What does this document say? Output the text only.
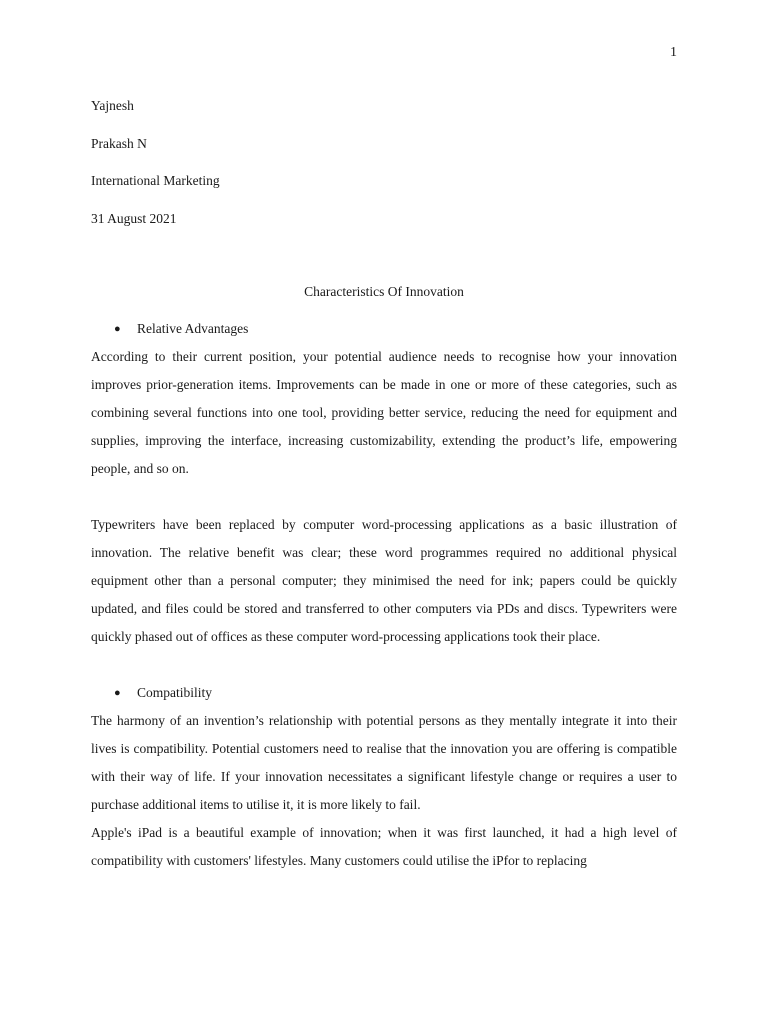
1
Yajnesh
Prakash N
International Marketing
31 August 2021
Characteristics Of Innovation
● Relative Advantages

According to their current position, your potential audience needs to recognise how your innovation improves prior-generation items. Improvements can be made in one or more of these categories, such as combining several functions into one tool, providing better service, reducing the need for equipment and supplies, improving the interface, increasing customizability, extending the product’s life, empowering people, and so on.

Typewriters have been replaced by computer word-processing applications as a basic illustration of innovation. The relative benefit was clear; these word programmes required no additional physical equipment other than a personal computer; they minimised the need for ink; papers could be quickly updated, and files could be stored and transferred to other computers via PDs and discs. Typewriters were quickly phased out of offices as these computer word-processing applications took their place.

● Compatibility

The harmony of an invention’s relationship with potential persons as they mentally integrate it into their lives is compatibility. Potential customers need to realise that the innovation you are offering is compatible with their way of life. If your innovation necessitates a significant lifestyle change or requires a user to purchase additional items to utilise it, it is more likely to fail.

Apple's iPad is a beautiful example of innovation; when it was first launched, it had a high level of compatibility with customers' lifestyles. Many customers could utilise the iPfor to replacing
